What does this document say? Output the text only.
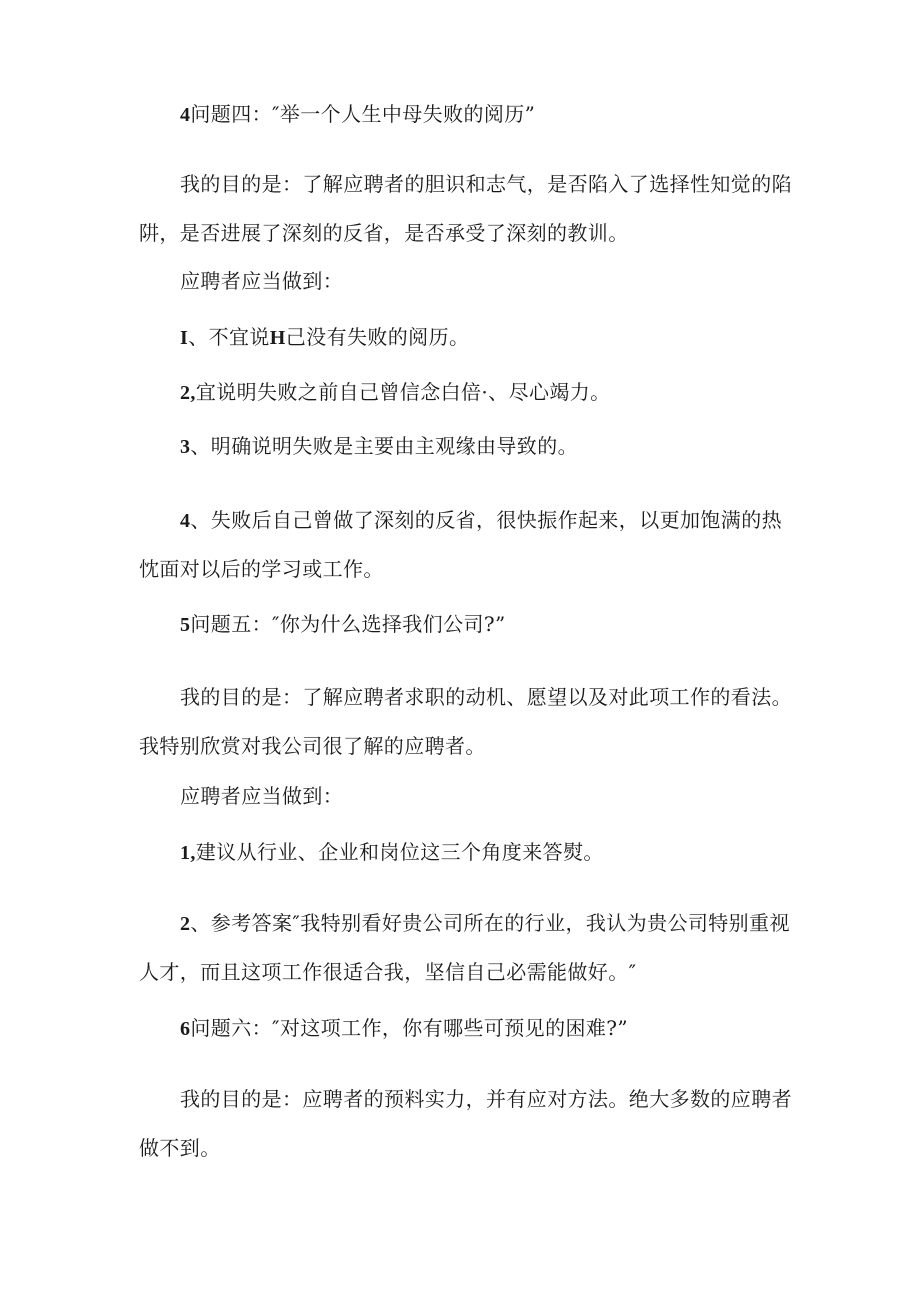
4问题四：″举一个人生中母失败的阅历”
我的目的是：了解应聘者的胆识和志气，是否陷入了选择性知觉的陷
阱，是否进展了深刻的反省，是否承受了深刻的教训。
应聘者应当做到：
I、不宜说H己没有失败的阅历。
2,宜说明失败之前自己曾信念白倍·、尽心竭力。
3、明确说明失败是主要由主观缘由导致的。
4、失败后自己曾做了深刻的反省，很快振作起来，以更加饱满的热
忱面对以后的学习或工作。
5问题五：″你为什么选择我们公司?”
我的目的是：了解应聘者求职的动机、愿望以及对此项工作的看法。
我特别欣赏对我公司很了解的应聘者。
应聘者应当做到：
1,建议从行业、企业和岗位这三个角度来答熨。
2、参考答案″我特别看好贵公司所在的行业，我认为贵公司特别重视
人才，而且这项工作很适合我，坚信自己必需能做好。″
6问题六：″对这项工作，你有哪些可预见的困难?”
我的目的是：应聘者的预料实力，并有应对方法。绝大多数的应聘者
做不到。
